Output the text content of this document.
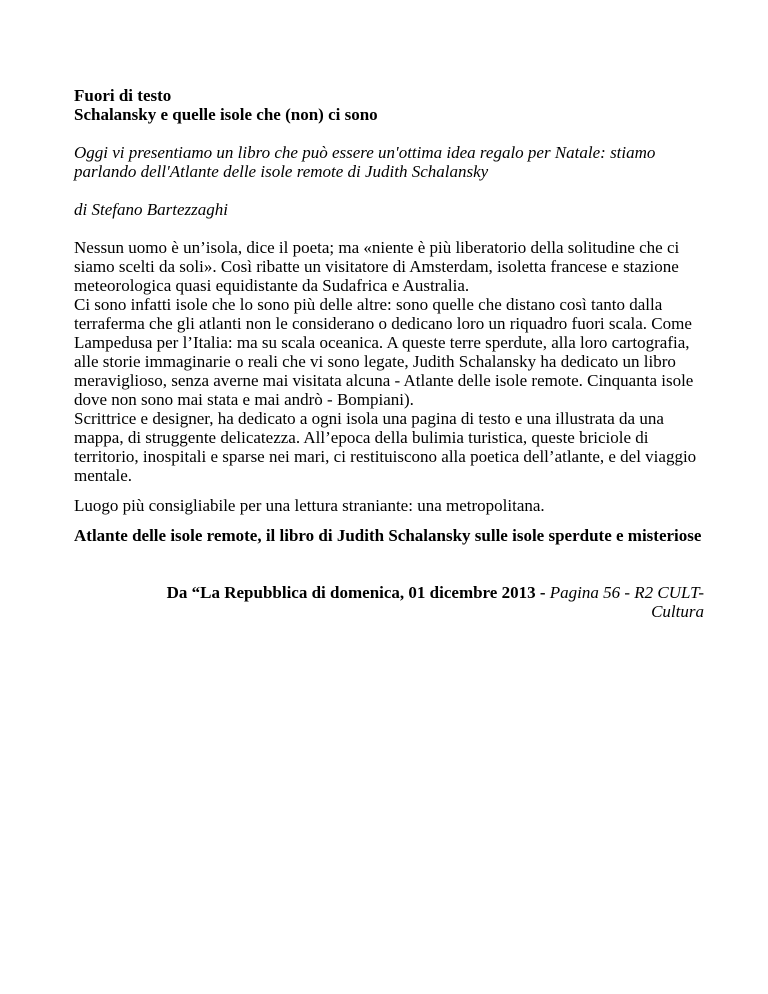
Fuori di testo
Schalansky e quelle isole che (non) ci sono

Oggi vi presentiamo un libro che può essere un'ottima idea regalo per Natale: stiamo parlando dell'Atlante delle isole remote di Judith Schalansky

di Stefano Bartezzaghi

Nessun uomo è un’isola, dice il poeta; ma «niente è più liberatorio della solitudine che ci siamo scelti da soli». Così ribatte un visitatore di Amsterdam, isoletta francese e stazione meteorologica quasi equidistante da Sudafrica e Australia.
Ci sono infatti isole che lo sono più delle altre: sono quelle che distano così tanto dalla terraferma che gli atlanti non le considerano o dedicano loro un riquadro fuori scala. Come Lampedusa per l’Italia: ma su scala oceanica. A queste terre sperdute, alla loro cartografia, alle storie immaginarie o reali che vi sono legate, Judith Schalansky ha dedicato un libro meraviglioso, senza averne mai visitata alcuna - Atlante delle isole remote. Cinquanta isole dove non sono mai stata e mai andrò - Bompiani).
Scrittrice e designer, ha dedicato a ogni isola una pagina di testo e una illustrata da una mappa, di struggente delicatezza. All’epoca della bulimia turistica, queste briciole di territorio, inospitali e sparse nei mari, ci restituiscono alla poetica dell’atlante, e del viaggio mentale.

Luogo più consigliabile per una lettura straniante: una metropolitana.

Atlante delle isole remote, il libro di Judith Schalansky sulle isole sperdute e misteriose

Da “La Repubblica di domenica, 01 dicembre 2013 - Pagina 56 - R2 CULT-Cultura
